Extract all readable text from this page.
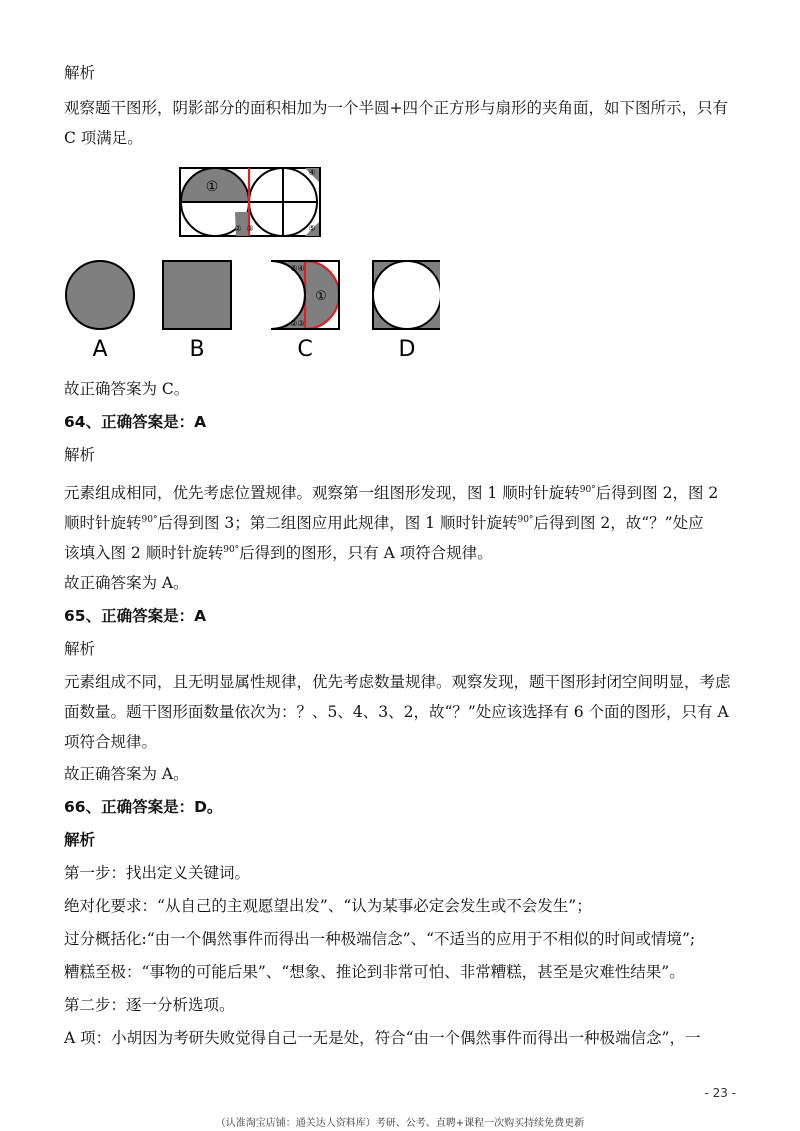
解析

观察题干图形，阴影部分的面积相加为一个半圆+四个正方形与扇形的夹角面，如下图所示，只有 C 项满足。

①
② ③
④
⑤
A	B
①
⑤ ④
② ③
C	D

故正确答案为 C。

64、正确答案是：A

解析

元素组成相同，优先考虑位置规律。观察第一组图形发现，图 1 顺时针旋转$^{90^\circ}$后得到图 2，图 2

顺时针旋转$^{90^\circ}$后得到图 3；第二组图应用此规律，图 1 顺时针旋转$^{90^\circ}$后得到图 2，故“？”处应

该填入图 2 顺时针旋转$^{90^\circ}$后得到的图形，只有 A 项符合规律。

故正确答案为 A。

65、正确答案是：A

解析

元素组成不同，且无明显属性规律，优先考虑数量规律。观察发现，题干图形封闭空间明显，考虑面数量。题干图形面数量依次为：？、5、4、3、2，故“？”处应该选择有 6 个面的图形，只有 A 项符合规律。

故正确答案为 A。

66、正确答案是：D。

解析

第一步：找出定义关键词。

绝对化要求：“从自己的主观愿望出发”、“认为某事必定会发生或不会发生”；

过分概括化:“由一个偶然事件而得出一种极端信念”、“不适当的应用于不相似的时间或情境”;

糟糕至极：“事物的可能后果”、“想象、推论到非常可怕、非常糟糕，甚至是灾难性结果”。

第二步：逐一分析选项。

A 项：小胡因为考研失败觉得自己一无是处，符合“由一个偶然事件而得出一种极端信念”，一

- 23 -
（认准淘宝店铺：通关达人资料库）考研、公考、直聘+课程一次购买持续免费更新
